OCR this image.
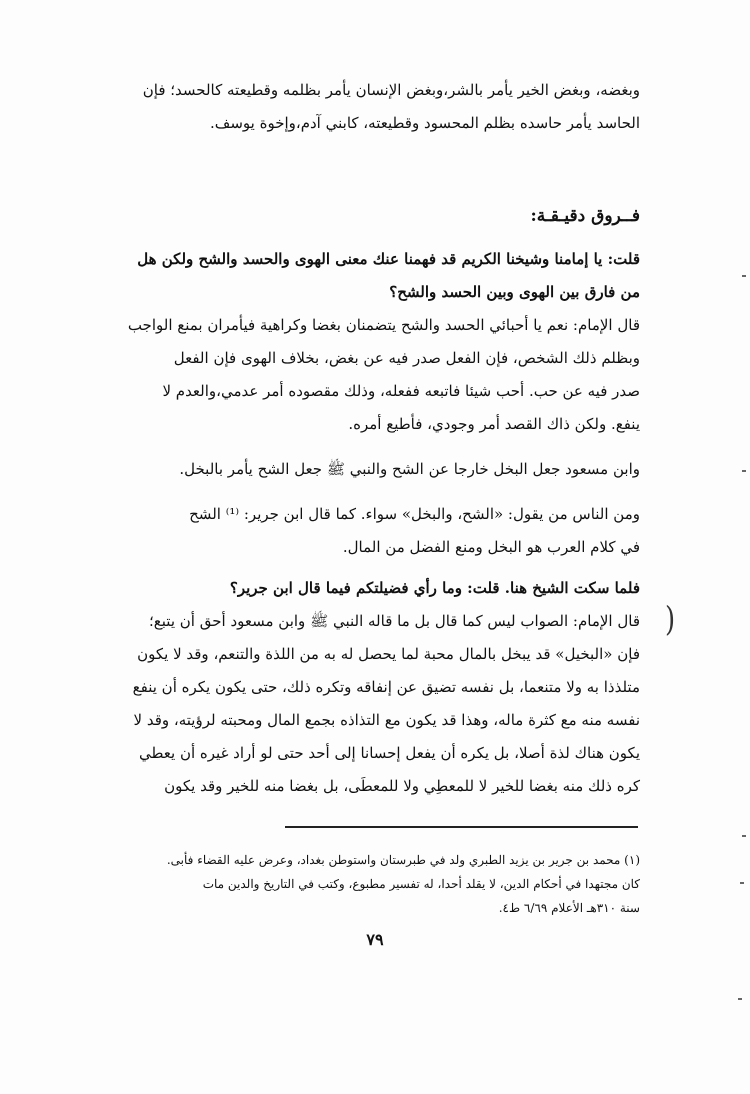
وبغضه، وبغض الخير يأمر بالشر،وبغض الإنسان يأمر بظلمه وقطيعته كالحسد؛ فإن

الحاسد يأمر حاسده بظلم المحسود وقطيعته، كابني آدم،وإخوة يوسف.

فــروق دقيـقـة:

قلت: يا إمامنا وشيخنا الكريم قد فهمنا عنك معنى الهوى والحسد والشح ولكن هل

من فارق بين الهوى وبين الحسد والشح؟

قال الإمام: نعم يا أحبائي الحسد والشح يتضمنان بغضا وكراهية فيأمران بمنع الواجب

وبظلم ذلك الشخص، فإن الفعل صدر فيه عن بغض، بخلاف الهوى فإن الفعل

صدر فيه عن حب. أحب شيئا فاتبعه ففعله، وذلك مقصوده أمر عدمي،والعدم لا

ينفع. ولكن ذاك القصد أمر وجودي، فأطيع أمره.

وابن مسعود جعل البخل خارجا عن الشح والنبي ﷺ جعل الشح يأمر بالبخل.

ومن الناس من يقول: «الشح، والبخل» سواء. كما قال ابن جرير: ⁽¹⁾ الشح

في كلام العرب هو البخل ومنع الفضل من المال.

فلما سكت الشيخ هنا. قلت: وما رأي فضيلتكم فيما قال ابن جرير؟

قال الإمام: الصواب ليس كما قال بل ما قاله النبي ﷺ وابن مسعود أحق أن يتبع؛

فإن «البخيل» قد يبخل بالمال محبة لما يحصل له به من اللذة والتنعم، وقد لا يكون

متلذذا به ولا متنعما، بل نفسه تضيق عن إنفاقه وتكره ذلك، حتى يكون يكره أن ينفع

نفسه منه مع كثرة ماله، وهذا قد يكون مع التذاذه بجمع المال ومحبته لرؤيته، وقد لا

يكون هناك لذة أصلا، بل يكره أن يفعل إحسانا إلى أحد حتى لو أراد غيره أن يعطي

كره ذلك منه بغضا للخير لا للمعطِي ولا للمعطَى، بل بغضا منه للخير وقد يكون

(١) محمد بن جرير بن يزيد الطبري ولد في طبرستان واستوطن بغداد، وعرض عليه القضاء فأبى.

كان مجتهدا في أحكام الدين، لا يقلد أحدا، له تفسير مطبوع، وكتب في التاريخ والدين مات

سنة ٣١٠هـ الأعلام ٦/٦٩ ط٤.

٧٩
)
